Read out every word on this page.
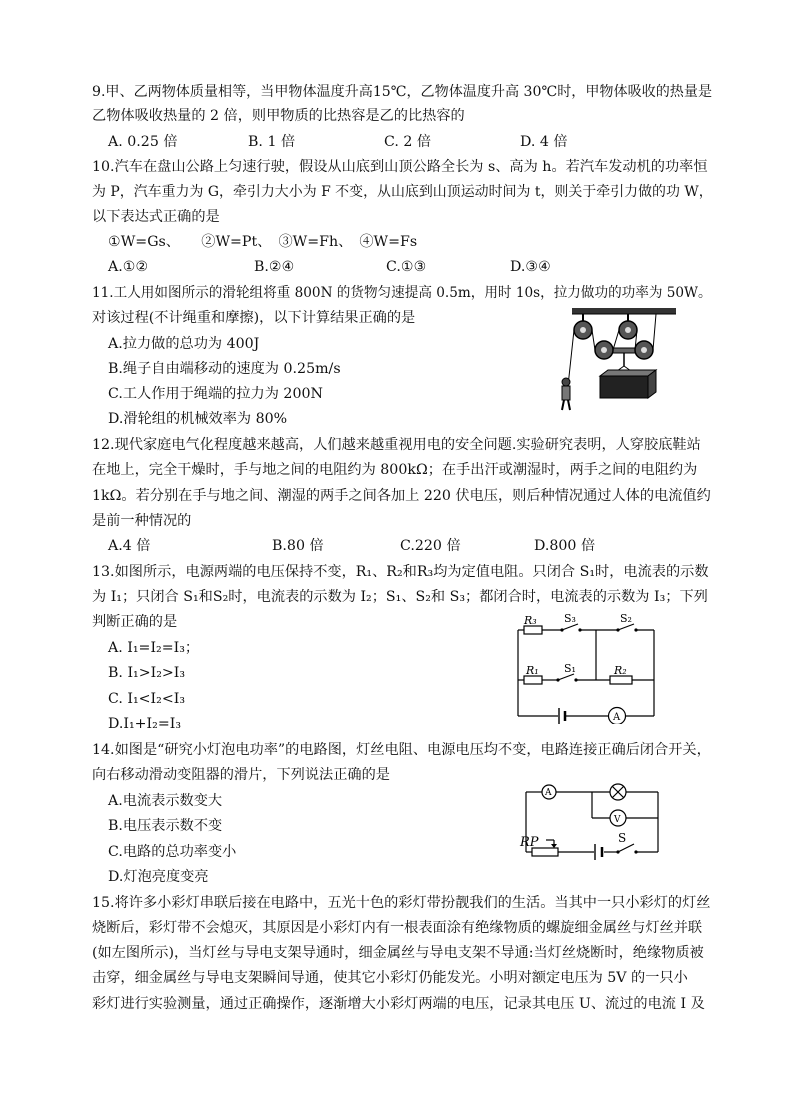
9.甲、乙两物体质量相等，当甲物体温度升高15℃，乙物体温度升高 30℃时，甲物体吸收的热量是
乙物体吸收热量的 2 倍，则甲物质的比热容是乙的比热容的
A. 0.25 倍	B. 1 倍	C. 2 倍	D. 4 倍
10.汽车在盘山公路上匀速行驶，假设从山底到山顶公路全长为 s、高为 h。若汽车发动机的功率恒
为 P，汽车重力为 G，牵引力大小为 F 不变，从山底到山顶运动时间为 t，则关于牵引力做的功 W，
以下表达式正确的是
①W=Gs、　　②W=Pt、　③W=Fh、　④W=Fs
A.①②	B.②④	C.①③	D.③④
11.工人用如图所示的滑轮组将重 800N 的货物匀速提高 0.5m，用时 10s，拉力做功的功率为 50W。
对该过程(不计绳重和摩擦)，以下计算结果正确的是
A.拉力做的总功为 400J
B.绳子自由端移动的速度为 0.25m/s
C.工人作用于绳端的拉力为 200N
D.滑轮组的机械效率为 80%
12.现代家庭电气化程度越来越高，人们越来越重视用电的安全问题.实验研究表明，人穿胶底鞋站
在地上，完全干燥时，手与地之间的电阻约为 800kΩ；在手出汗或潮湿时，两手之间的电阻约为
1kΩ。若分别在手与地之间、潮湿的两手之间各加上 220 伏电压，则后种情况通过人体的电流值约
是前一种情况的
A.4 倍	B.80 倍	C.220 倍	D.800 倍
13.如图所示，电源两端的电压保持不变，R₁、R₂和R₃均为定值电阻。只闭合 S₁时，电流表的示数
为 I₁；只闭合 S₁和S₂时，电流表的示数为 I₂；S₁、S₂和 S₃；都闭合时，电流表的示数为 I₃；下列
判断正确的是
A. I₁=I₂=I₃；
B. I₁>I₂>I₃
C. I₁<I₂<I₃
D.I₁+I₂=I₃
R₃ S₃	S₂
R₁ S₁	R₂
A
14.如图是“研究小灯泡电功率”的电路图，灯丝电阻、电源电压均不变，电路连接正确后闭合开关，
向右移动滑动变阻器的滑片，下列说法正确的是
A.电流表示数变大
B.电压表示数不变
C.电路的总功率变小
D.灯泡亮度变亮
A
V
RP	S
15.将许多小彩灯串联后接在电路中，五光十色的彩灯带扮靓我们的生活。当其中一只小彩灯的灯丝
烧断后，彩灯带不会熄灭，其原因是小彩灯内有一根表面涂有绝缘物质的螺旋细金属丝与灯丝并联
(如左图所示)，当灯丝与导电支架导通时，细金属丝与导电支架不导通:当灯丝烧断时，绝缘物质被
击穿，细金属丝与导电支架瞬间导通，使其它小彩灯仍能发光。小明对额定电压为 5V 的一只小
彩灯进行实验测量，通过正确操作，逐渐增大小彩灯两端的电压，记录其电压 U、流过的电流 I 及
